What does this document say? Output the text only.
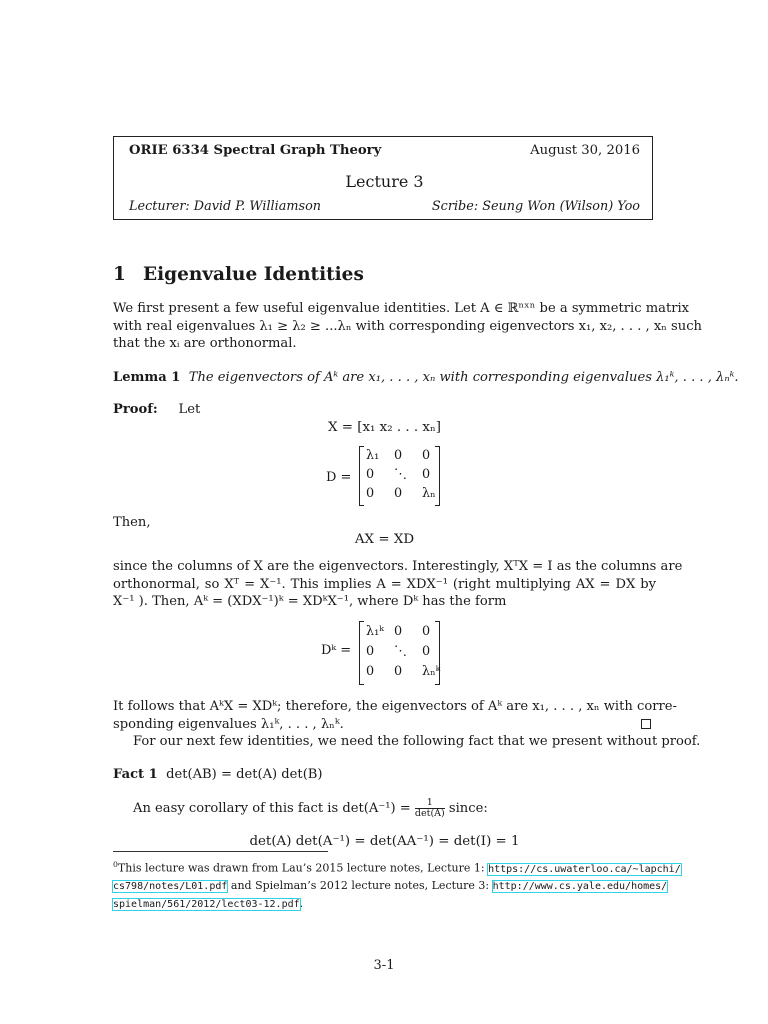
ORIE 6334 Spectral Graph Theory	August 30, 2016
Lecture 3
Lecturer: David P. Williamson	Scribe: Seung Won (Wilson) Yoo
1 Eigenvalue Identities
We first present a few useful eigenvalue identities. Let A ∈ ℝⁿˣⁿ be a symmetric matrix
with real eigenvalues λ₁ ≥ λ₂ ≥ ...λₙ with corresponding eigenvectors x₁, x₂, . . . , xₙ such
that the xᵢ are orthonormal.
Lemma 1 The eigenvectors of Aᵏ are x₁, . . . , xₙ with corresponding eigenvalues λ₁ᵏ, . . . , λₙᵏ.
Proof: Let
X = [x₁ x₂ . . . xₙ]
D =
λ₁ 0 0
0 ⋱ 0
0 0 λₙ
Then,
AX = XD
since the columns of X are the eigenvectors. Interestingly, XᵀX = I as the columns are
orthonormal, so Xᵀ = X⁻¹. This implies A = XDX⁻¹ (right multiplying AX = DX by
X⁻¹ ). Then, Aᵏ = (XDX⁻¹)ᵏ = XDᵏX⁻¹, where Dᵏ has the form
Dᵏ =
λ₁ᵏ 0 0
0 ⋱ 0
0 0 λₙᵏ
It follows that AᵏX = XDᵏ; therefore, the eigenvectors of Aᵏ are x₁, . . . , xₙ with corre-
sponding eigenvalues λ₁ᵏ, . . . , λₙᵏ.
For our next few identities, we need the following fact that we present without proof.
Fact 1 det(AB) = det(A) det(B)
An easy corollary of this fact is $\det(A^{-1}) = \frac{1}{\det(A)}$ since:
det(A) det(A⁻¹) = det(AA⁻¹) = det(I) = 1
$^0$This lecture was drawn from Lau’s 2015 lecture notes, Lecture 1: https://cs.uwaterloo.ca/~lapchi/
cs798/notes/L01.pdf and Spielman’s 2012 lecture notes, Lecture 3: http://www.cs.yale.edu/homes/
spielman/561/2012/lect03-12.pdf.
3-1
